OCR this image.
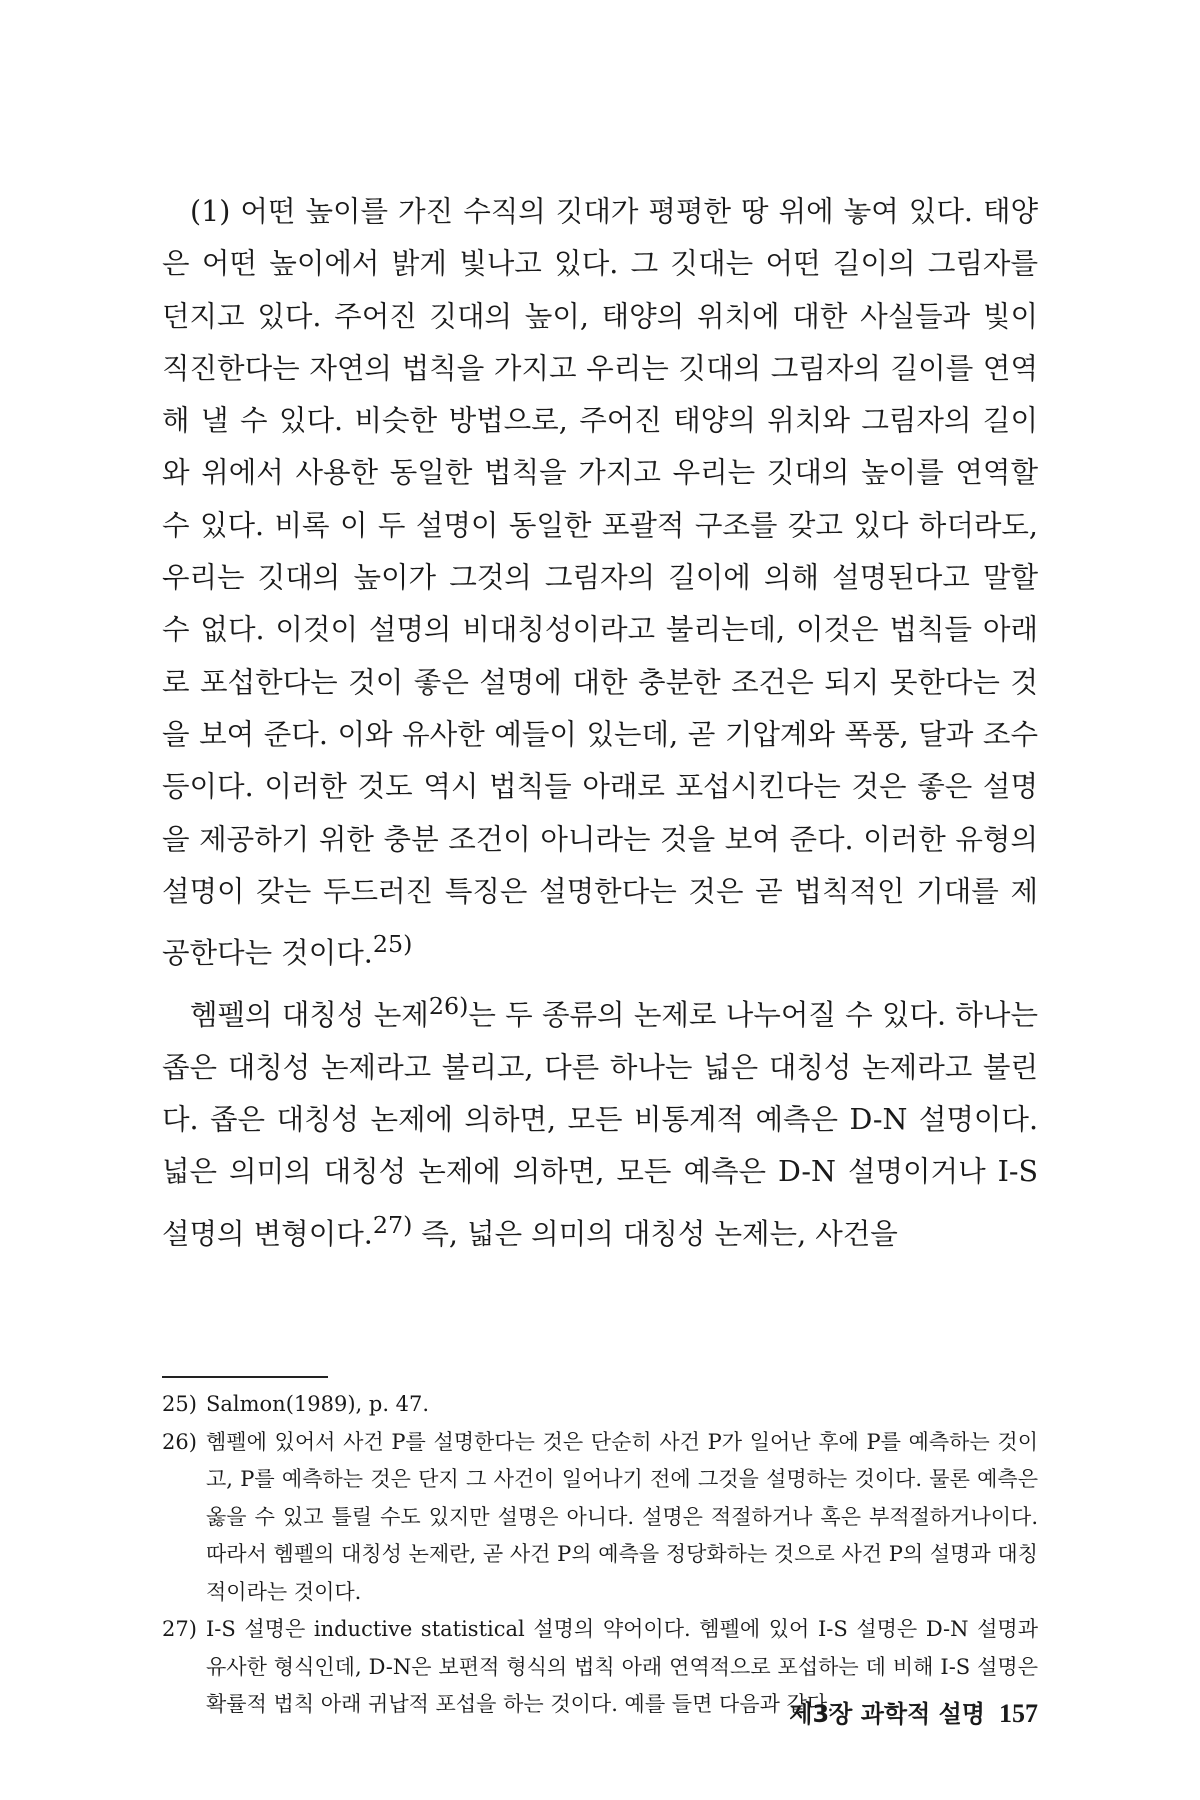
(1) 어떤 높이를 가진 수직의 깃대가 평평한 땅 위에 놓여 있다. 태양은 어떤 높이에서 밝게 빛나고 있다. 그 깃대는 어떤 길이의 그림자를 던지고 있다. 주어진 깃대의 높이, 태양의 위치에 대한 사실들과 빛이 직진한다는 자연의 법칙을 가지고 우리는 깃대의 그림자의 길이를 연역해 낼 수 있다. 비슷한 방법으로, 주어진 태양의 위치와 그림자의 길이와 위에서 사용한 동일한 법칙을 가지고 우리는 깃대의 높이를 연역할 수 있다. 비록 이 두 설명이 동일한 포괄적 구조를 갖고 있다 하더라도, 우리는 깃대의 높이가 그것의 그림자의 길이에 의해 설명된다고 말할 수 없다. 이것이 설명의 비대칭성이라고 불리는데, 이것은 법칙들 아래로 포섭한다는 것이 좋은 설명에 대한 충분한 조건은 되지 못한다는 것을 보여 준다. 이와 유사한 예들이 있는데, 곧 기압계와 폭풍, 달과 조수 등이다. 이러한 것도 역시 법칙들 아래로 포섭시킨다는 것은 좋은 설명을 제공하기 위한 충분 조건이 아니라는 것을 보여 준다. 이러한 유형의 설명이 갖는 두드러진 특징은 설명한다는 것은 곧 법칙적인 기대를 제공한다는 것이다.$^{25)}$

헴펠의 대칭성 논제$^{26)}$는 두 종류의 논제로 나누어질 수 있다. 하나는 좁은 대칭성 논제라고 불리고, 다른 하나는 넓은 대칭성 논제라고 불린다. 좁은 대칭성 논제에 의하면, 모든 비통계적 예측은 D-N 설명이다. 넓은 의미의 대칭성 논제에 의하면, 모든 예측은 D-N 설명이거나 I-S 설명의 변형이다.$^{27)}$ 즉, 넓은 의미의 대칭성 논제는, 사건을

25) Salmon(1989), p. 47.
26) 헴펠에 있어서 사건 P를 설명한다는 것은 단순히 사건 P가 일어난 후에 P를 예측하는 것이고, P를 예측하는 것은 단지 그 사건이 일어나기 전에 그것을 설명하는 것이다. 물론 예측은 옳을 수 있고 틀릴 수도 있지만 설명은 아니다. 설명은 적절하거나 혹은 부적절하거나이다. 따라서 헴펠의 대칭성 논제란, 곧 사건 P의 예측을 정당화하는 것으로 사건 P의 설명과 대칭적이라는 것이다.
27) I-S 설명은 inductive statistical 설명의 약어이다. 헴펠에 있어 I-S 설명은 D-N 설명과 유사한 형식인데, D-N은 보편적 형식의 법칙 아래 연역적으로 포섭하는 데 비해 I-S 설명은 확률적 법칙 아래 귀납적 포섭을 하는 것이다. 예를 들면 다음과 같다.
제3장 과학적 설명 157
